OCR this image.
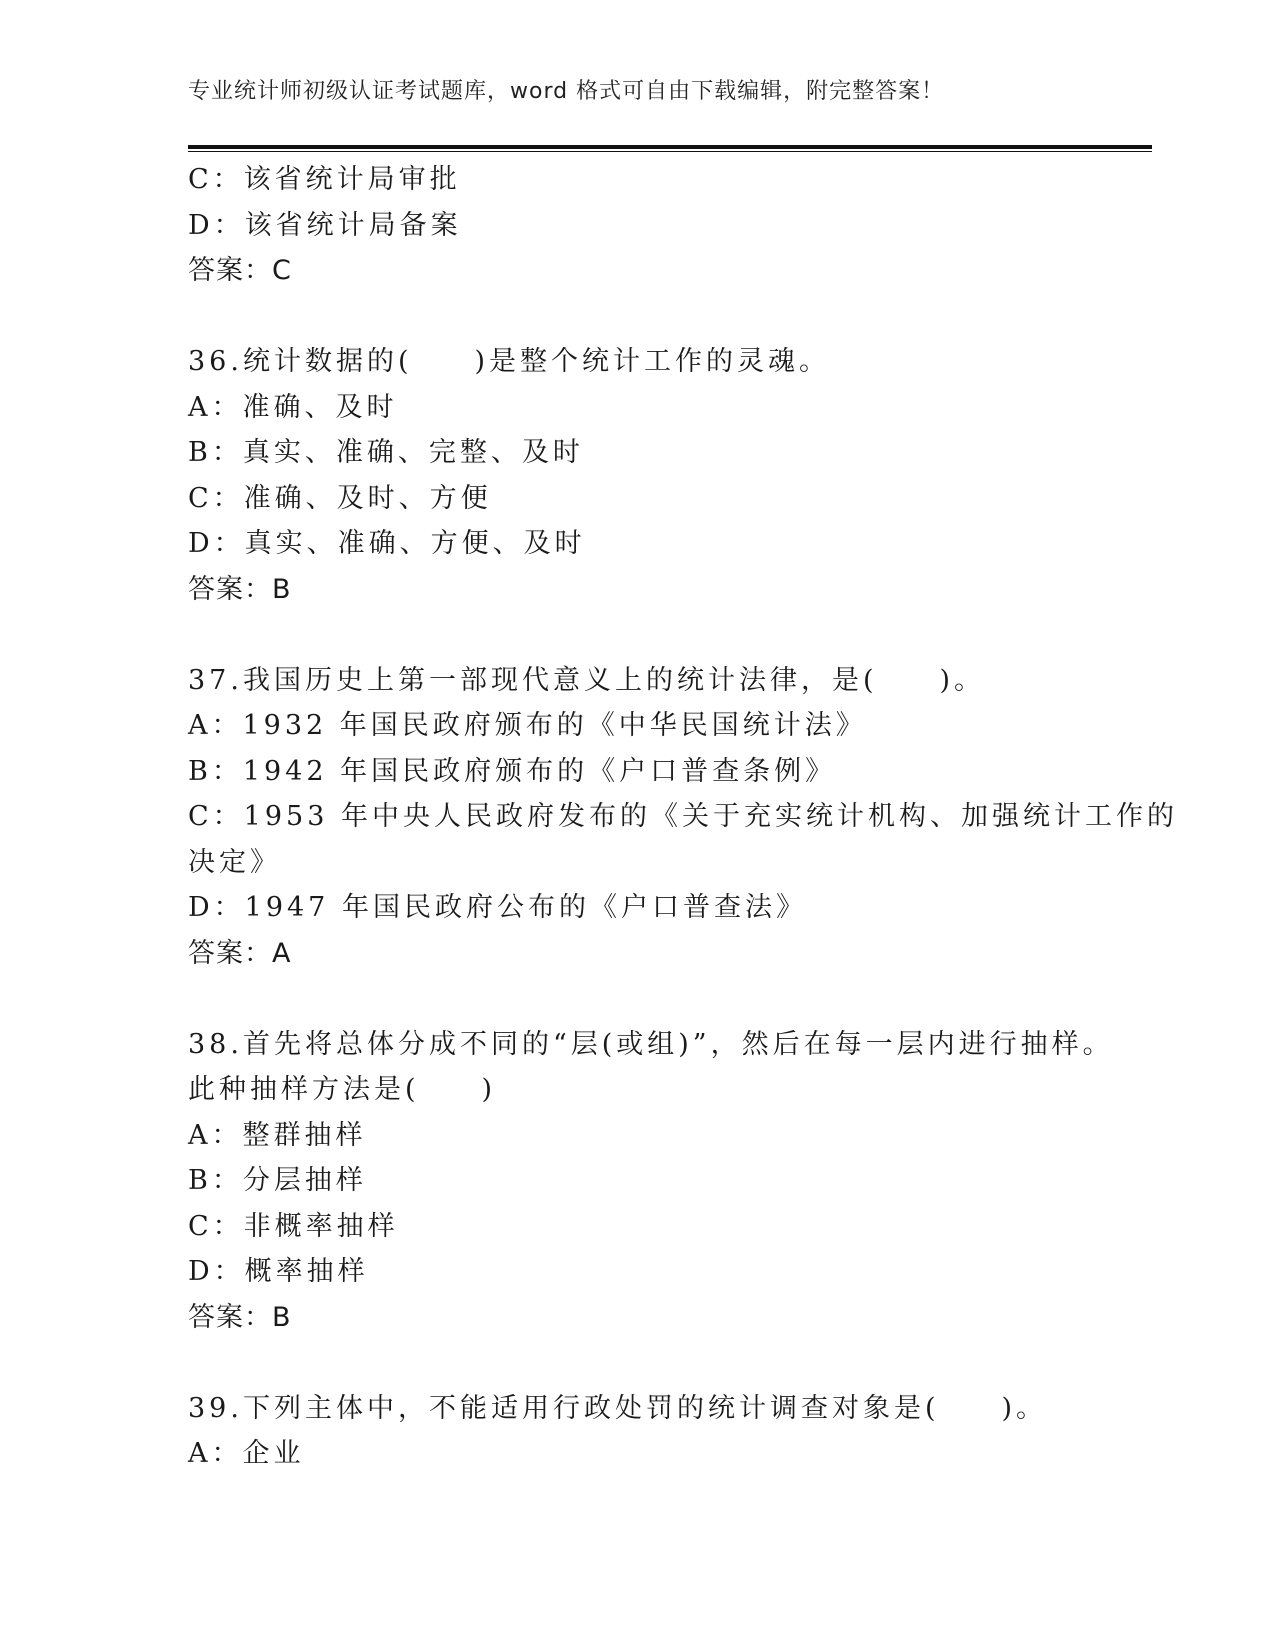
专业统计师初级认证考试题库，word 格式可自由下载编辑，附完整答案！
C：该省统计局审批
D：该省统计局备案
答案：C
36.统计数据的(　　)是整个统计工作的灵魂。
A：准确、及时
B：真实、准确、完整、及时
C：准确、及时、方便
D：真实、准确、方便、及时
答案：B
37.我国历史上第一部现代意义上的统计法律，是(　　)。
A：1932 年国民政府颁布的《中华民国统计法》
B：1942 年国民政府颁布的《户口普查条例》
C：1953 年中央人民政府发布的《关于充实统计机构、加强统计工作的
决定》
D：1947 年国民政府公布的《户口普查法》
答案：A
38.首先将总体分成不同的“层(或组)”，然后在每一层内进行抽样。
此种抽样方法是(　　)
A：整群抽样
B：分层抽样
C：非概率抽样
D：概率抽样
答案：B
39.下列主体中，不能适用行政处罚的统计调查对象是(　　)。
A：企业
